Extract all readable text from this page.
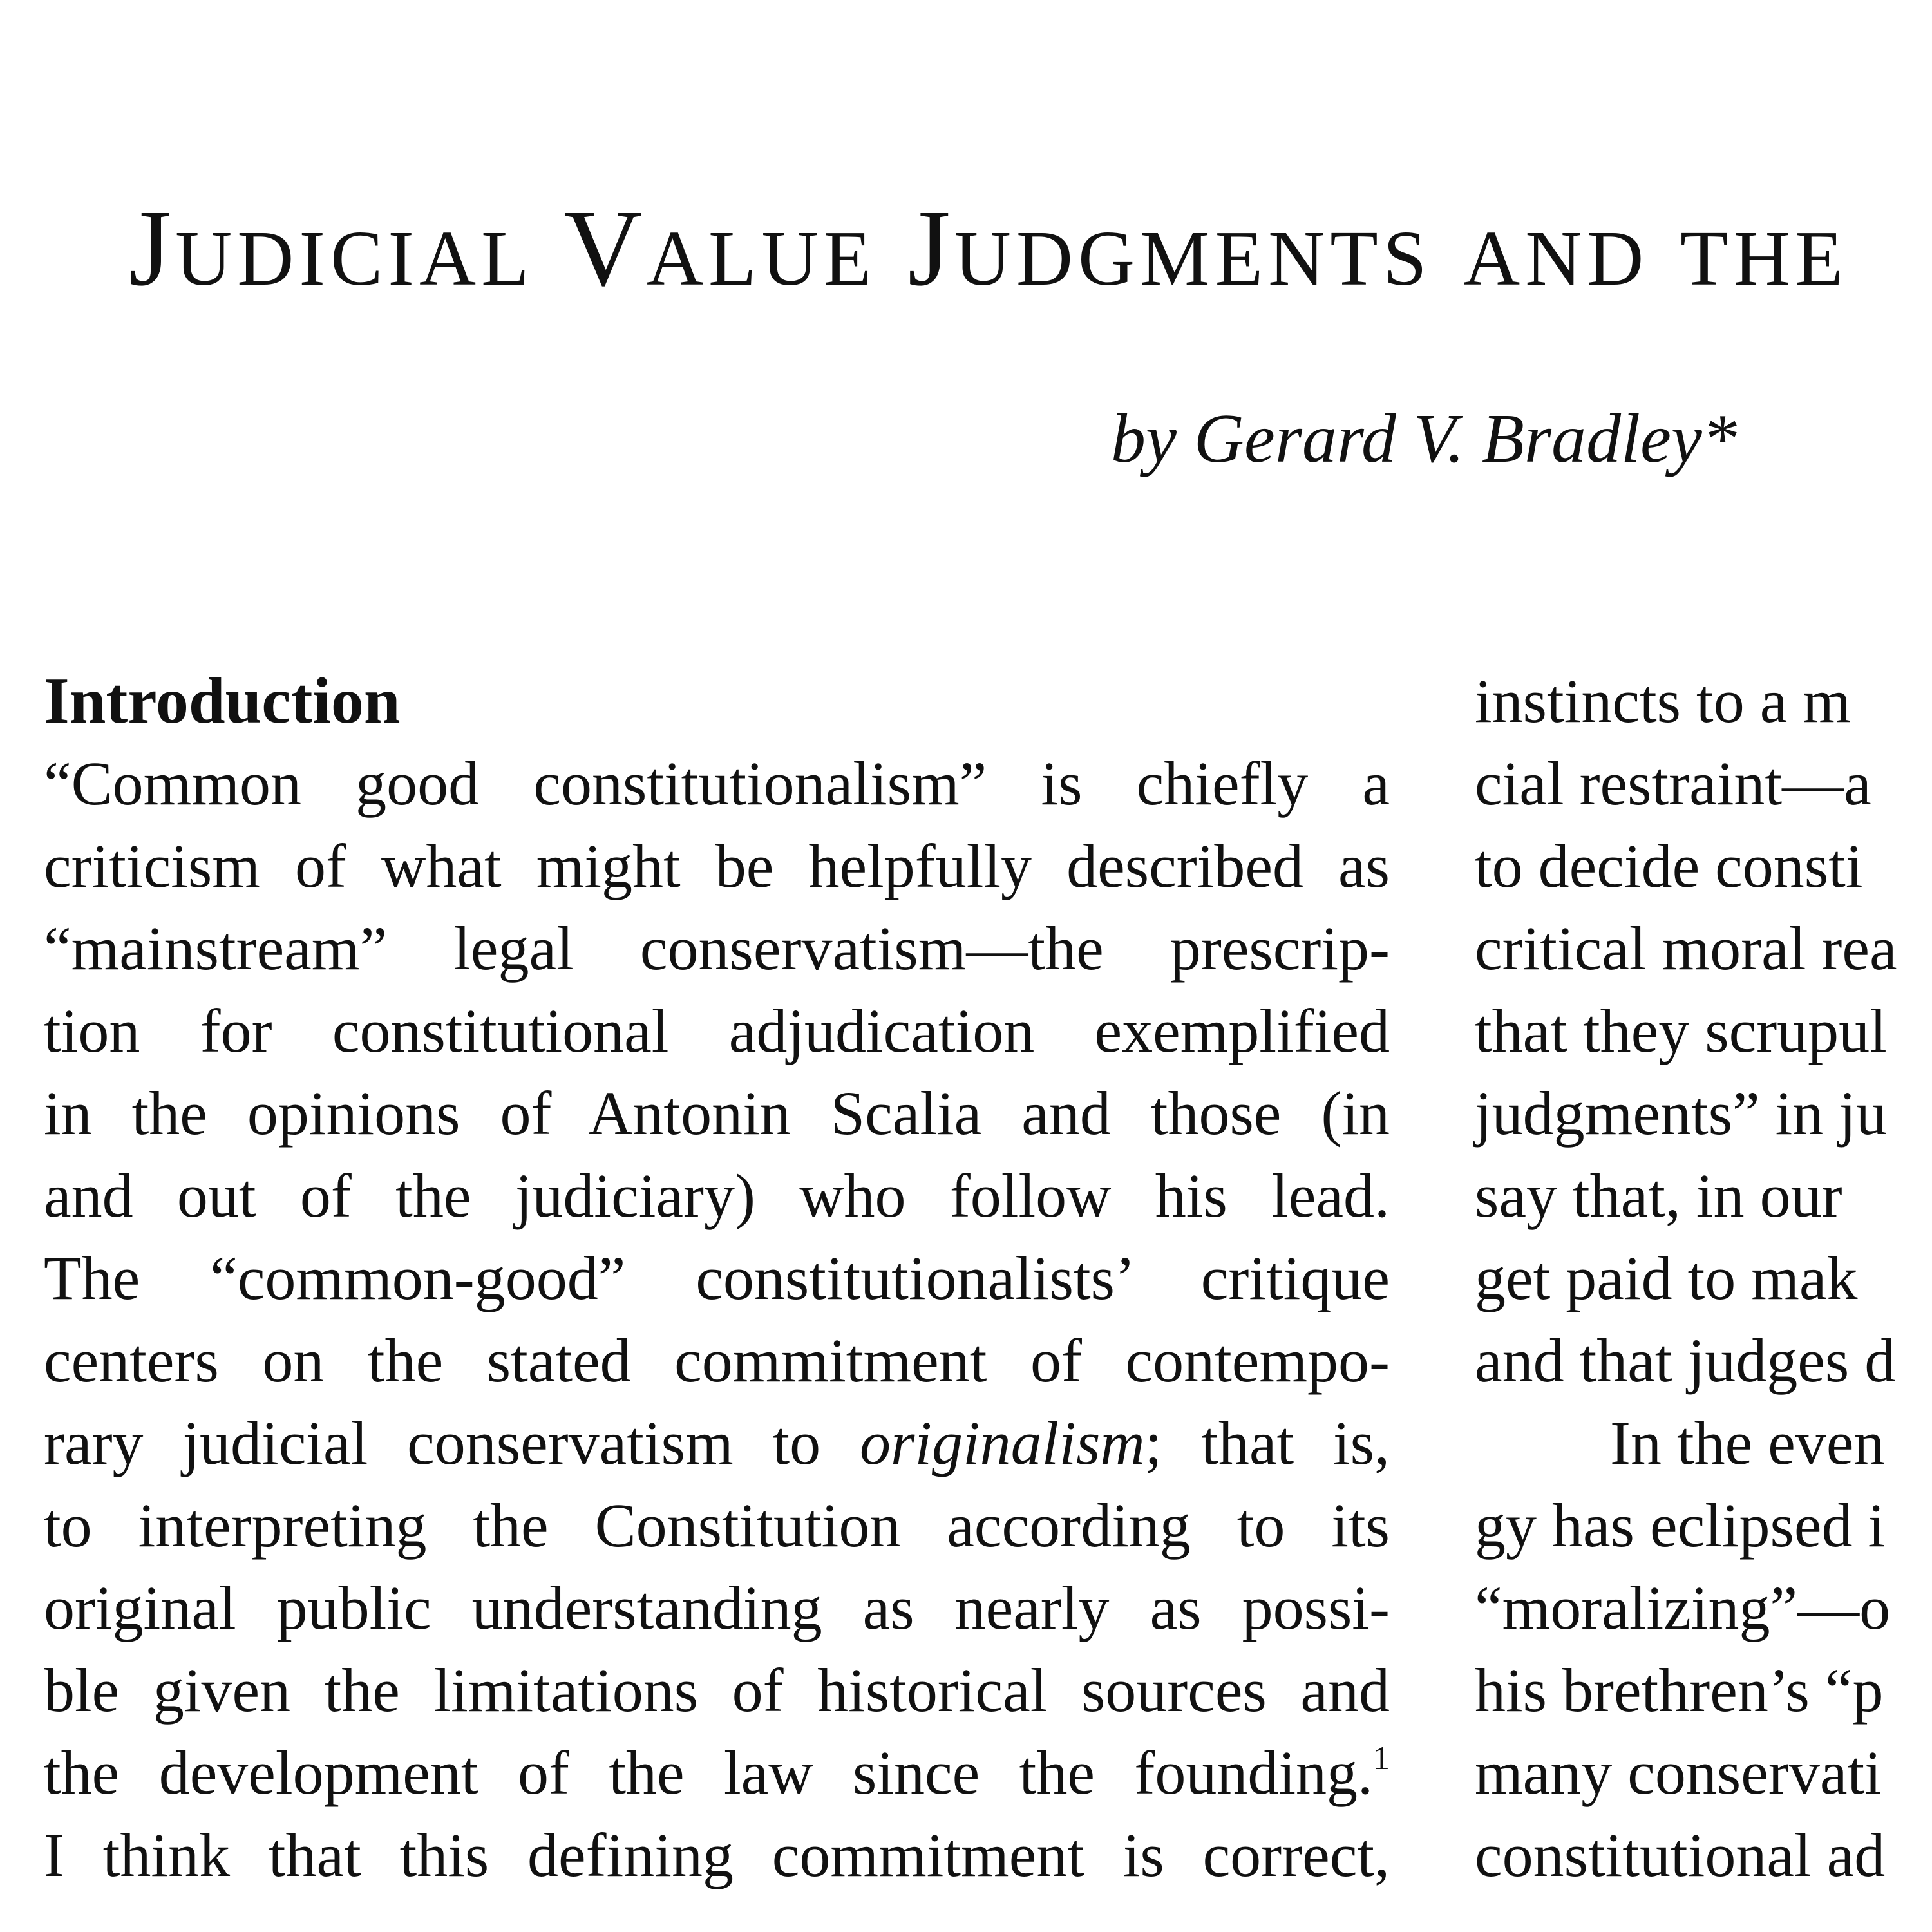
JUDICIAL VALUE JUDGMENTS AND THE

by Gerard V. Bradley*

Introduction
“Common good constitutionalism” is chiefly a
criticism of what might be helpfully described as
“mainstream” legal conservatism—the prescrip-
tion for constitutional adjudication exemplified
in the opinions of Antonin Scalia and those (in
and out of the judiciary) who follow his lead.
The “common-good” constitutionalists’ critique
centers on the stated commitment of contempo-
rary judicial conservatism to originalism; that is,
to interpreting the Constitution according to its
original public understanding as nearly as possi-
ble given the limitations of historical sources and
the development of the law since the founding.$^1$
I think that this defining commitment is correct,
instincts to a m
cial restraint—a
to decide consti
critical moral rea
that they scrupul
judgments” in ju
say that, in our
get paid to mak
and that judges d
In the even
gy has eclipsed i
“moralizing”—o
his brethren’s “p
many conservati
constitutional ad
